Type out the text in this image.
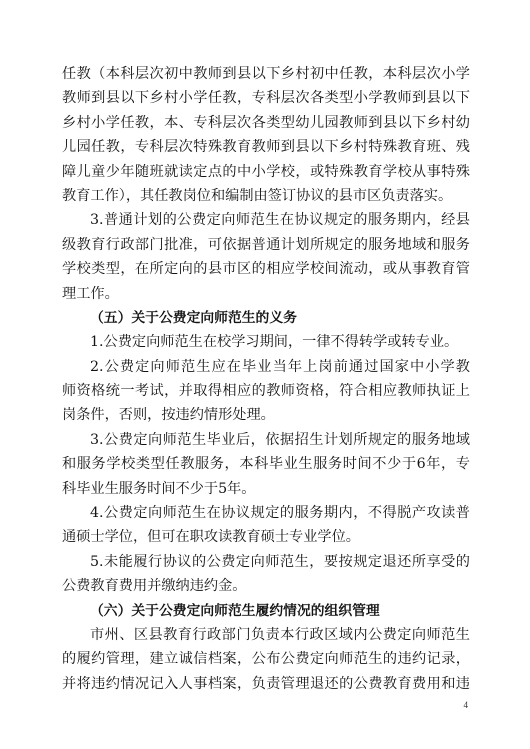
任教（本科层次初中教师到县以下乡村初中任教，本科层次小学
教师到县以下乡村小学任教，专科层次各类型小学教师到县以下
乡村小学任教，本、专科层次各类型幼儿园教师到县以下乡村幼
儿园任教，专科层次特殊教育教师到县以下乡村特殊教育班、残
障儿童少年随班就读定点的中小学校，或特殊教育学校从事特殊
教育工作），其任教岗位和编制由签订协议的县市区负责落实。
3.普通计划的公费定向师范生在协议规定的服务期内，经县
级教育行政部门批准，可依据普通计划所规定的服务地域和服务
学校类型，在所定向的县市区的相应学校间流动，或从事教育管
理工作。
（五）关于公费定向师范生的义务
1.公费定向师范生在校学习期间，一律不得转学或转专业。
2.公费定向师范生应在毕业当年上岗前通过国家中小学教
师资格统一考试，并取得相应的教师资格，符合相应教师执证上
岗条件，否则，按违约情形处理。
3.公费定向师范生毕业后，依据招生计划所规定的服务地域
和服务学校类型任教服务，本科毕业生服务时间不少于6年，专
科毕业生服务时间不少于5年。
4.公费定向师范生在协议规定的服务期内，不得脱产攻读普
通硕士学位，但可在职攻读教育硕士专业学位。
5.未能履行协议的公费定向师范生，要按规定退还所享受的
公费教育费用并缴纳违约金。
（六）关于公费定向师范生履约情况的组织管理
市州、区县教育行政部门负责本行政区域内公费定向师范生
的履约管理，建立诚信档案，公布公费定向师范生的违约记录，
并将违约情况记入人事档案，负责管理退还的公费教育费用和违
4
